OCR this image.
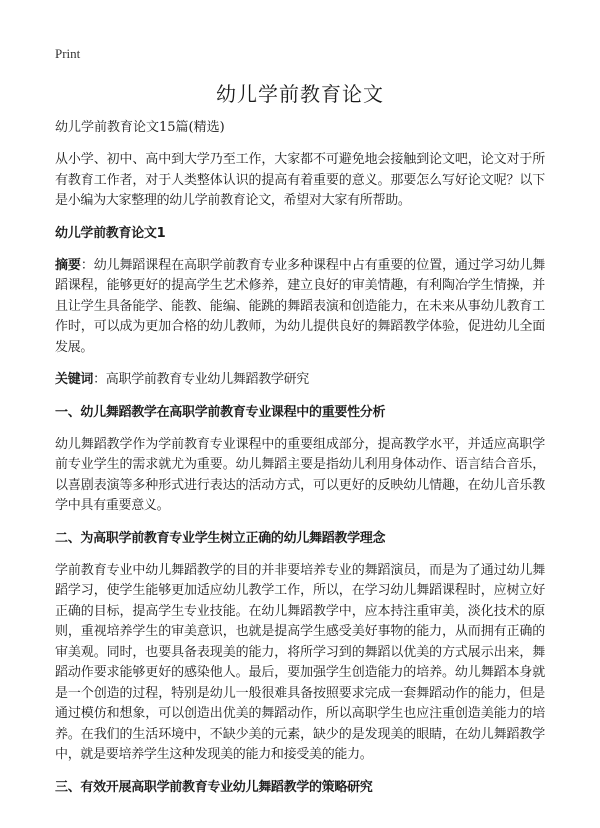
Print
幼儿学前教育论文
幼儿学前教育论文15篇(精选)

从小学、初中、高中到大学乃至工作，大家都不可避免地会接触到论文吧，论文对于所有教育工作者，对于人类整体认识的提高有着重要的意义。那要怎么写好论文呢？以下是小编为大家整理的幼儿学前教育论文，希望对大家有所帮助。

幼儿学前教育论文1

摘要：幼儿舞蹈课程在高职学前教育专业多种课程中占有重要的位置，通过学习幼儿舞蹈课程，能够更好的提高学生艺术修养，建立良好的审美情趣，有利陶冶学生情操，并且让学生具备能学、能教、能编、能跳的舞蹈表演和创造能力，在未来从事幼儿教育工作时，可以成为更加合格的幼儿教师，为幼儿提供良好的舞蹈教学体验，促进幼儿全面发展。

关键词：高职学前教育专业幼儿舞蹈教学研究

一、幼儿舞蹈教学在高职学前教育专业课程中的重要性分析

幼儿舞蹈教学作为学前教育专业课程中的重要组成部分，提高教学水平，并适应高职学前专业学生的需求就尤为重要。幼儿舞蹈主要是指幼儿利用身体动作、语言结合音乐，以喜剧表演等多种形式进行表达的活动方式，可以更好的反映幼儿情趣，在幼儿音乐教学中具有重要意义。

二、为高职学前教育专业学生树立正确的幼儿舞蹈教学理念

学前教育专业中幼儿舞蹈教学的目的并非要培养专业的舞蹈演员，而是为了通过幼儿舞蹈学习，使学生能够更加适应幼儿教学工作，所以，在学习幼儿舞蹈课程时，应树立好正确的目标，提高学生专业技能。在幼儿舞蹈教学中，应本持注重审美，淡化技术的原则，重视培养学生的审美意识，也就是提高学生感受美好事物的能力，从而拥有正确的审美观。同时，也要具备表现美的能力，将所学习到的舞蹈以优美的方式展示出来，舞蹈动作要求能够更好的感染他人。最后，要加强学生创造能力的培养。幼儿舞蹈本身就是一个创造的过程，特别是幼儿一般很难具备按照要求完成一套舞蹈动作的能力，但是通过模仿和想象，可以创造出优美的舞蹈动作，所以高职学生也应注重创造美能力的培养。在我们的生活环境中，不缺少美的元素，缺少的是发现美的眼睛，在幼儿舞蹈教学中，就是要培养学生这种发现美的能力和接受美的能力。

三、有效开展高职学前教育专业幼儿舞蹈教学的策略研究
